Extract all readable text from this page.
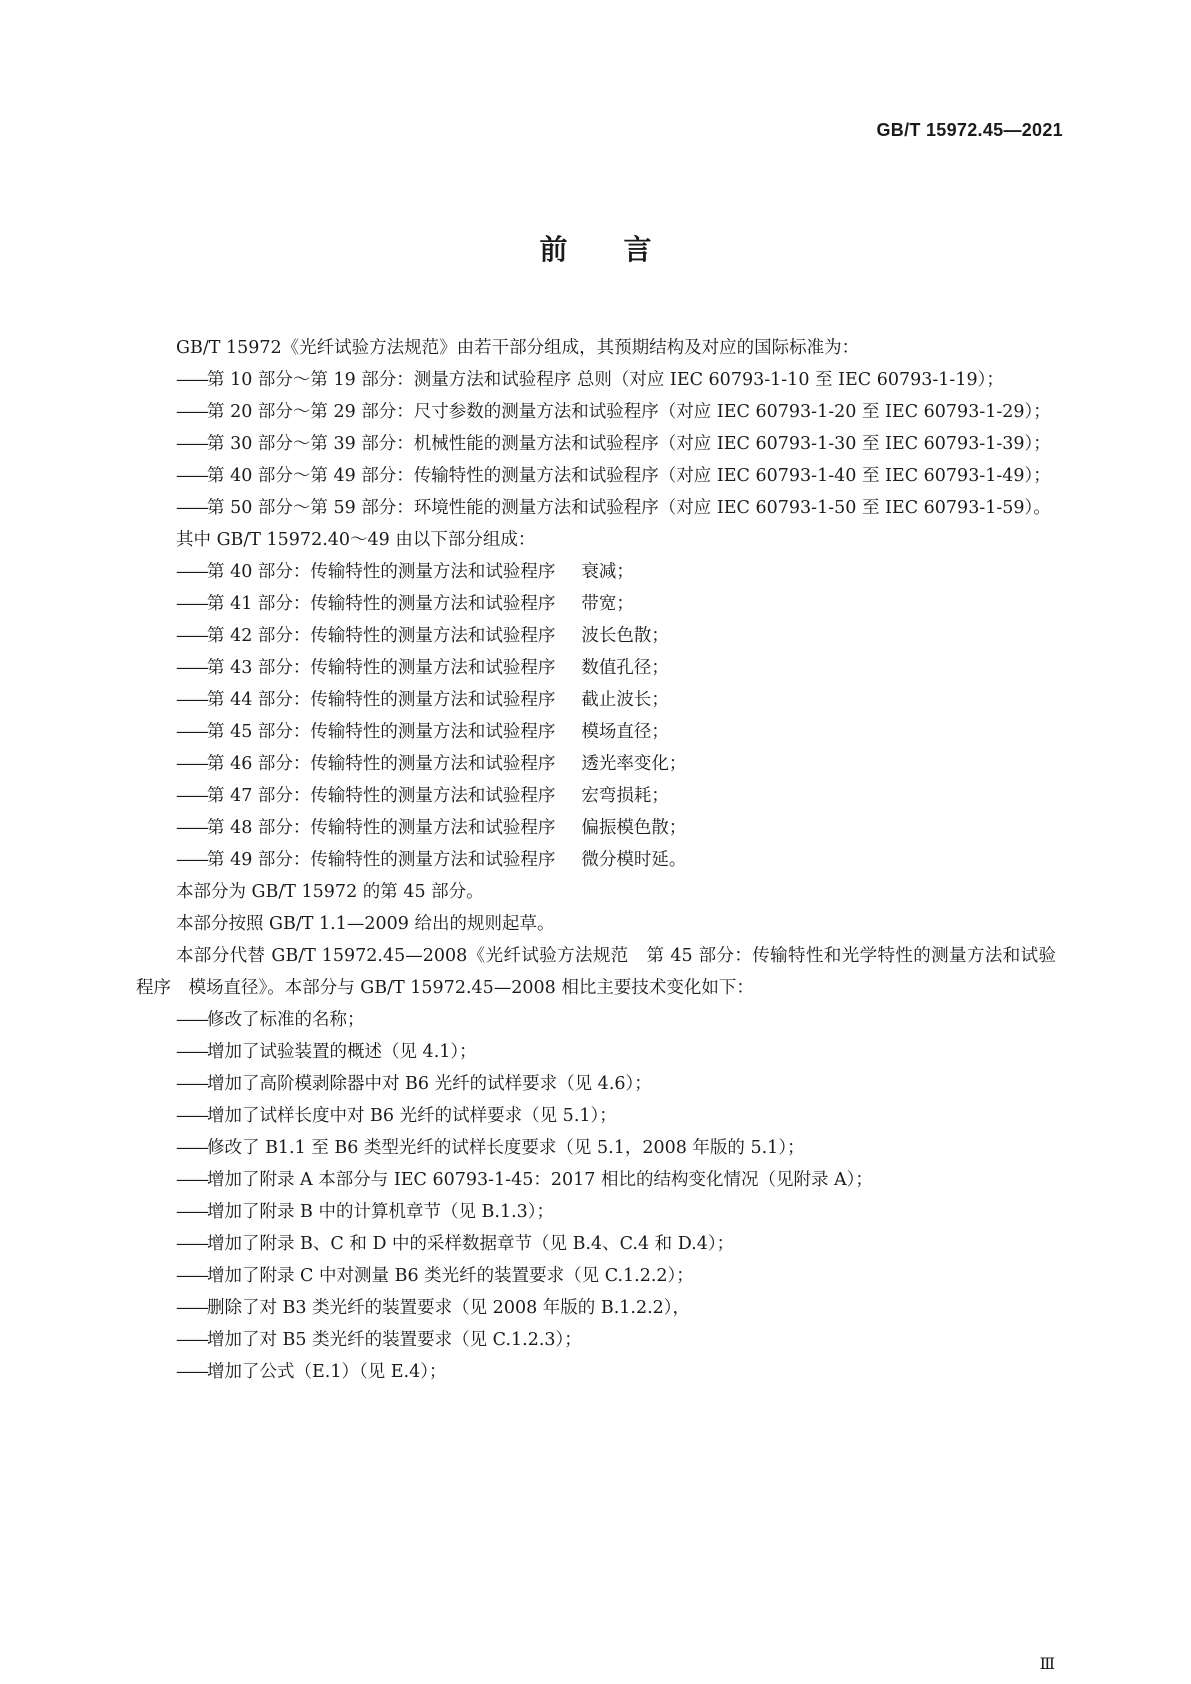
GB/T 15972.45—2021
前 言

GB/T 15972《光纤试验方法规范》由若干部分组成，其预期结构及对应的国际标准为：

——第 10 部分～第 19 部分：测量方法和试验程序 总则（对应 IEC 60793-1-10 至 IEC 60793-1-19）；

——第 20 部分～第 29 部分：尺寸参数的测量方法和试验程序（对应 IEC 60793-1-20 至 IEC 60793-1-29）；

——第 30 部分～第 39 部分：机械性能的测量方法和试验程序（对应 IEC 60793-1-30 至 IEC 60793-1-39）；

——第 40 部分～第 49 部分：传输特性的测量方法和试验程序（对应 IEC 60793-1-40 至 IEC 60793-1-49）；

——第 50 部分～第 59 部分：环境性能的测量方法和试验程序（对应 IEC 60793-1-50 至 IEC 60793-1-59）。

其中 GB/T 15972.40～49 由以下部分组成：

——第 40 部分：传输特性的测量方法和试验程序 衰减；

——第 41 部分：传输特性的测量方法和试验程序 带宽；

——第 42 部分：传输特性的测量方法和试验程序 波长色散；

——第 43 部分：传输特性的测量方法和试验程序 数值孔径；

——第 44 部分：传输特性的测量方法和试验程序 截止波长；

——第 45 部分：传输特性的测量方法和试验程序 模场直径；

——第 46 部分：传输特性的测量方法和试验程序 透光率变化；

——第 47 部分：传输特性的测量方法和试验程序 宏弯损耗；

——第 48 部分：传输特性的测量方法和试验程序 偏振模色散；

——第 49 部分：传输特性的测量方法和试验程序 微分模时延。

本部分为 GB/T 15972 的第 45 部分。

本部分按照 GB/T 1.1—2009 给出的规则起草。

本部分代替 GB/T 15972.45—2008《光纤试验方法规范　第 45 部分：传输特性和光学特性的测量方法和试验程序　模场直径》。本部分与 GB/T 15972.45—2008 相比主要技术变化如下：

——修改了标准的名称；

——增加了试验装置的概述（见 4.1）；

——增加了高阶模剥除器中对 B6 光纤的试样要求（见 4.6）；

——增加了试样长度中对 B6 光纤的试样要求（见 5.1）；

——修改了 B1.1 至 B6 类型光纤的试样长度要求（见 5.1，2008 年版的 5.1）；

——增加了附录 A 本部分与 IEC 60793-1-45：2017 相比的结构变化情况（见附录 A）；

——增加了附录 B 中的计算机章节（见 B.1.3）；

——增加了附录 B、C 和 D 中的采样数据章节（见 B.4、C.4 和 D.4）；

——增加了附录 C 中对测量 B6 类光纤的装置要求（见 C.1.2.2）；

——删除了对 B3 类光纤的装置要求（见 2008 年版的 B.1.2.2），

——增加了对 B5 类光纤的装置要求（见 C.1.2.3）；

——增加了公式（E.1）（见 E.4）；

Ⅲ
